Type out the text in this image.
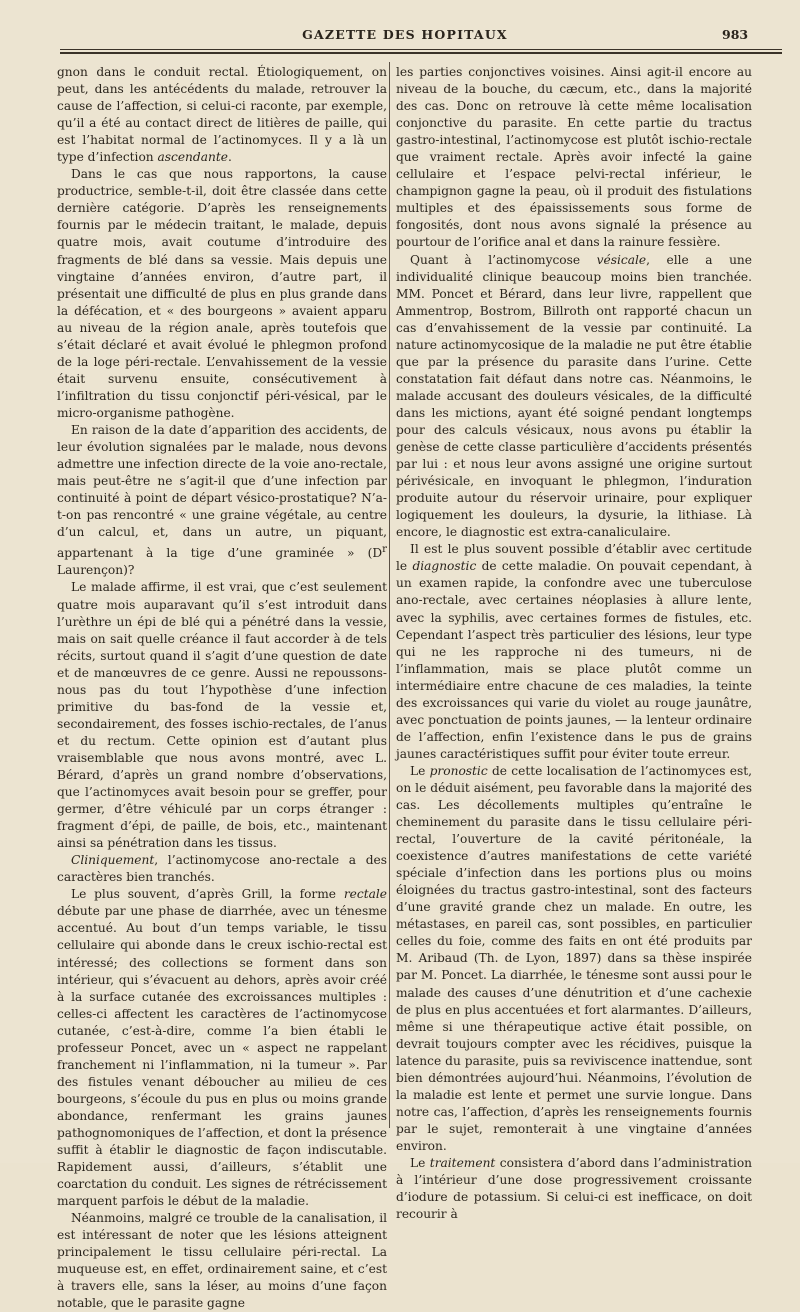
GAZETTE DES HOPITAUX	983

gnon dans le conduit rectal. Étiologiquement, on peut, dans les antécédents du malade, retrouver la cause de l’affection, si celui-ci raconte, par exemple, qu’il a été au contact direct de litières de paille, qui est l’habitat normal de l’actinomyces. Il y a là un type d’infection ascendante.

Dans le cas que nous rapportons, la cause productrice, semble-t-il, doit être classée dans cette dernière catégorie. D’après les renseignements fournis par le médecin traitant, le malade, depuis quatre mois, avait coutume d’introduire des fragments de blé dans sa vessie. Mais depuis une vingtaine d’années environ, d’autre part, il présentait une difficulté de plus en plus grande dans la défécation, et « des bourgeons » avaient apparu au niveau de la région anale, après toutefois que s’était déclaré et avait évolué le phlegmon profond de la loge péri-rectale. L’envahissement de la vessie était survenu ensuite, consécutivement à l’infiltration du tissu conjonctif péri-vésical, par le micro-organisme pathogène.

En raison de la date d’apparition des accidents, de leur évolution signalées par le malade, nous devons admettre une infection directe de la voie ano-rectale, mais peut-être ne s’agit-il que d’une infection par continuité à point de départ vésico-prostatique? N’a-t-on pas rencontré « une graine végétale, au centre d’un calcul, et, dans un autre, un piquant, appartenant à la tige d’une graminée » ($D^r$ Laurençon)?

Le malade affirme, il est vrai, que c’est seulement quatre mois auparavant qu’il s’est introduit dans l’urèthre un épi de blé qui a pénétré dans la vessie, mais on sait quelle créance il faut accorder à de tels récits, surtout quand il s’agit d’une question de date et de manœuvres de ce genre. Aussi ne repoussons-nous pas du tout l’hypothèse d’une infection primitive du bas-fond de la vessie et, secondairement, des fosses ischio-rectales, de l’anus et du rectum. Cette opinion est d’autant plus vraisemblable que nous avons montré, avec L. Bérard, d’après un grand nombre d’observations, que l’actinomyces avait besoin pour se greffer, pour germer, d’être véhiculé par un corps étranger : fragment d’épi, de paille, de bois, etc., maintenant ainsi sa pénétration dans les tissus.

Cliniquement, l’actinomycose ano-rectale a des caractères bien tranchés.

Le plus souvent, d’après Grill, la forme rectale débute par une phase de diarrhée, avec un ténesme accentué. Au bout d’un temps variable, le tissu cellulaire qui abonde dans le creux ischio-rectal est intéressé; des collections se forment dans son intérieur, qui s’évacuent au dehors, après avoir créé à la surface cutanée des excroissances multiples : celles-ci affectent les caractères de l’actinomycose cutanée, c’est-à-dire, comme l’a bien établi le professeur Poncet, avec un « aspect ne rappelant franchement ni l’inflammation, ni la tumeur ». Par des fistules venant déboucher au milieu de ces bourgeons, s’écoule du pus en plus ou moins grande abondance, renfermant les grains jaunes pathognomoniques de l’affection, et dont la présence suffit à établir le diagnostic de façon indiscutable. Rapidement aussi, d’ailleurs, s’établit une coarctation du conduit. Les signes de rétrécissement marquent parfois le début de la maladie.

Néanmoins, malgré ce trouble de la canalisation, il est intéressant de noter que les lésions atteignent principalement le tissu cellulaire péri-rectal. La muqueuse est, en effet, ordinairement saine, et c’est à travers elle, sans la léser, au moins d’une façon notable, que le parasite gagne

les parties conjonctives voisines. Ainsi agit-il encore au niveau de la bouche, du cæcum, etc., dans la majorité des cas. Donc on retrouve là cette même localisation conjonctive du parasite. En cette partie du tractus gastro-intestinal, l’actinomycose est plutôt ischio-rectale que vraiment rectale. Après avoir infecté la gaine cellulaire et l’espace pelvi-rectal inférieur, le champignon gagne la peau, où il produit des fistulations multiples et des épaississements sous forme de fongosités, dont nous avons signalé la présence au pourtour de l’orifice anal et dans la rainure fessière.

Quant à l’actinomycose vésicale, elle a une individualité clinique beaucoup moins bien tranchée. MM. Poncet et Bérard, dans leur livre, rappellent que Ammentrop, Bostrom, Billroth ont rapporté chacun un cas d’envahissement de la vessie par continuité. La nature actinomycosique de la maladie ne put être établie que par la présence du parasite dans l’urine. Cette constatation fait défaut dans notre cas. Néanmoins, le malade accusant des douleurs vésicales, de la difficulté dans les mictions, ayant été soigné pendant longtemps pour des calculs vésicaux, nous avons pu établir la genèse de cette classe particulière d’accidents présentés par lui : et nous leur avons assigné une origine surtout périvésicale, en invoquant le phlegmon, l’induration produite autour du réservoir urinaire, pour expliquer logiquement les douleurs, la dysurie, la lithiase. Là encore, le diagnostic est extra-canaliculaire.

Il est le plus souvent possible d’établir avec certitude le diagnostic de cette maladie. On pouvait cependant, à un examen rapide, la confondre avec une tuberculose ano-rectale, avec certaines néoplasies à allure lente, avec la syphilis, avec certaines formes de fistules, etc. Cependant l’aspect très particulier des lésions, leur type qui ne les rapproche ni des tumeurs, ni de l’inflammation, mais se place plutôt comme un intermédiaire entre chacune de ces maladies, la teinte des excroissances qui varie du violet au rouge jaunâtre, avec ponctuation de points jaunes, — la lenteur ordinaire de l’affection, enfin l’existence dans le pus de grains jaunes caractéristiques suffit pour éviter toute erreur.

Le pronostic de cette localisation de l’actinomyces est, on le déduit aisément, peu favorable dans la majorité des cas. Les décollements multiples qu’entraîne le cheminement du parasite dans le tissu cellulaire péri-rectal, l’ouverture de la cavité péritonéale, la coexistence d’autres manifestations de cette variété spéciale d’infection dans les portions plus ou moins éloignées du tractus gastro-intestinal, sont des facteurs d’une gravité grande chez un malade. En outre, les métastases, en pareil cas, sont possibles, en particulier celles du foie, comme des faits en ont été produits par M. Aribaud (Th. de Lyon, 1897) dans sa thèse inspirée par M. Poncet. La diarrhée, le ténesme sont aussi pour le malade des causes d’une dénutrition et d’une cachexie de plus en plus accentuées et fort alarmantes. D’ailleurs, même si une thérapeutique active était possible, on devrait toujours compter avec les récidives, puisque la latence du parasite, puis sa reviviscence inattendue, sont bien démontrées aujourd’hui. Néanmoins, l’évolution de la maladie est lente et permet une survie longue. Dans notre cas, l’affection, d’après les renseignements fournis par le sujet, remonterait à une vingtaine d’années environ.

Le traitement consistera d’abord dans l’administration à l’intérieur d’une dose progressivement croissante d’iodure de potassium. Si celui-ci est inefficace, on doit recourir à
